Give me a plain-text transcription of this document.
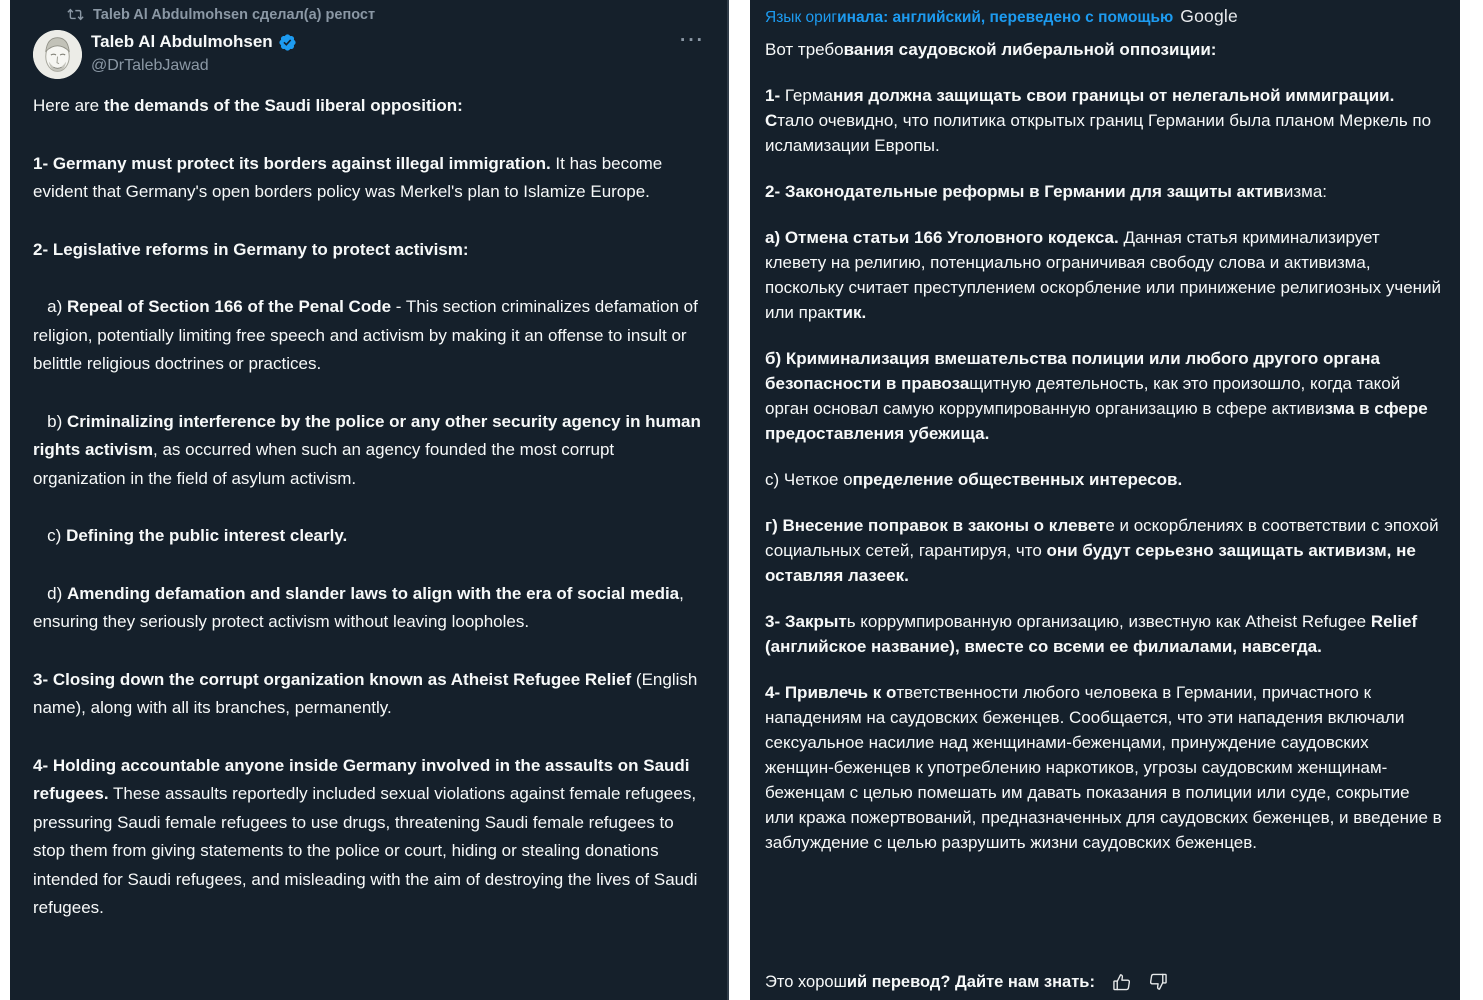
Taleb Al Abdulmohsen сделал(а) репост
Taleb Al Abdulmohsen
@DrTalebJawad
···

Here are the demands of the Saudi liberal opposition:

1- Germany must protect its borders against illegal immigration. It has become evident that Germany's open borders policy was Merkel's plan to Islamize Europe.

2- Legislative reforms in Germany to protect activism:

a) Repeal of Section 166 of the Penal Code - This section criminalizes defamation of religion, potentially limiting free speech and activism by making it an offense to insult or belittle religious doctrines or practices.

b) Criminalizing interference by the police or any other security agency in human rights activism, as occurred when such an agency founded the most corrupt organization in the field of asylum activism.

c) Defining the public interest clearly.

d) Amending defamation and slander laws to align with the era of social media, ensuring they seriously protect activism without leaving loopholes.

3- Closing down the corrupt organization known as Atheist Refugee Relief (English name), along with all its branches, permanently.

4- Holding accountable anyone inside Germany involved in the assaults on Saudi refugees. These assaults reportedly included sexual violations against female refugees, pressuring Saudi female refugees to use drugs, threatening Saudi female refugees to stop them from giving statements to the police or court, hiding or stealing donations intended for Saudi refugees, and misleading with the aim of destroying the lives of Saudi refugees.

Язык оригинала: английский, переведено с помощью Google

Вот требования саудовской либеральной оппозиции:

1- Германия должна защищать свои границы от нелегальной иммиграции. Стало очевидно, что политика открытых границ Германии была планом Меркель по исламизации Европы.

2- Законодательные реформы в Германии для защиты активизма:

a) Отмена статьи 166 Уголовного кодекса. Данная статья криминализирует клевету на религию, потенциально ограничивая свободу слова и активизма, поскольку считает преступлением оскорбление или принижение религиозных учений или практик.

б) Криминализация вмешательства полиции или любого другого органа безопасности в правозащитную деятельность, как это произошло, когда такой орган основал самую коррумпированную организацию в сфере активизма в сфере предоставления убежища.

c) Четкое определение общественных интересов.

г) Внесение поправок в законы о клевете и оскорблениях в соответствии с эпохой социальных сетей, гарантируя, что они будут серьезно защищать активизм, не оставляя лазеек.

3- Закрыть коррумпированную организацию, известную как Atheist Refugee Relief (английское название), вместе со всеми ее филиалами, навсегда.

4- Привлечь к ответственности любого человека в Германии, причастного к нападениям на саудовских беженцев. Сообщается, что эти нападения включали сексуальное насилие над женщинами-беженцами, принуждение саудовских женщин-беженцев к употреблению наркотиков, угрозы саудовским женщинам-беженцам с целью помешать им давать показания в полиции или суде, сокрытие или кража пожертвований, предназначенных для саудовских беженцев, и введение в заблуждение с целью разрушить жизни саудовских беженцев.

Это хороший перевод? Дайте нам знать:
